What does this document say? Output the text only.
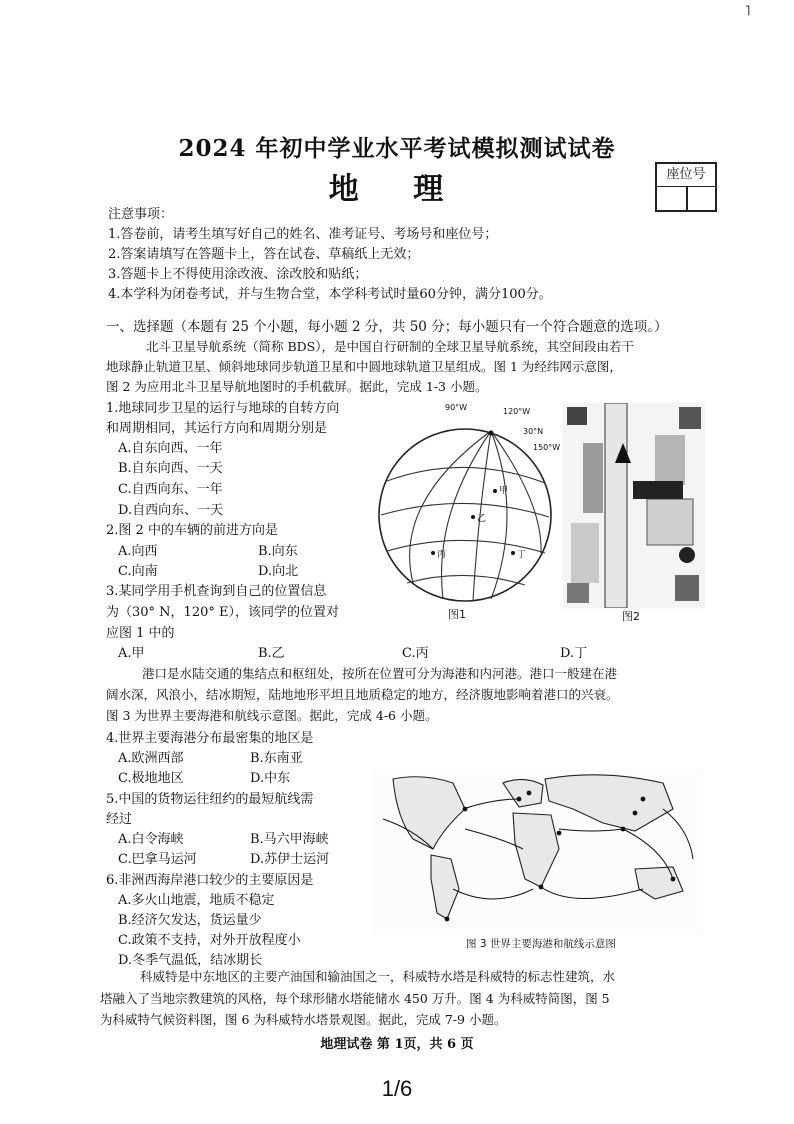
˥
2024 年初中学业水平考试模拟测试试卷
地 理	座位号
注意事项：
1.答卷前，请考生填写好自己的姓名、准考证号、考场号和座位号；
2.答案请填写在答题卡上，答在试卷、草稿纸上无效；
3.答题卡上不得使用涂改液、涂改胶和贴纸；
4.本学科为闭卷考试，并与生物合堂，本学科考试时量60分钟，满分100分。
一、选择题（本题有 25 个小题，每小题 2 分，共 50 分；每小题只有一个符合题意的选项。）
北斗卫星导航系统（简称 BDS），是中国自行研制的全球卫星导航系统，其空间段由若干
地球静止轨道卫星、倾斜地球同步轨道卫星和中圆地球轨道卫星组成。图 1 为经纬网示意图，
图 2 为应用北斗卫星导航地图时的手机截屏。据此，完成 1-3 小题。
1.地球同步卫星的运行与地球的自转方向
和周期相同，其运行方向和周期分别是
A.自东向西、一年
B.自东向西、一天
C.自西向东、一年
D.自西向东、一天
2.图 2 中的车辆的前进方向是
A.向西	B.向东
C.向南	D.向北
3.某同学用手机查询到自己的位置信息
为（30° N，120° E），该同学的位置对
应图 1 中的
A.甲	B.乙	C.丙	D.丁
90°W	120°W
30°N
150°W
甲
乙
丙	丁
图1	图2
港口是水陆交通的集结点和枢纽处，按所在位置可分为海港和内河港。港口一般建在港
阔水深，风浪小，结冰期短，陆地地形平坦且地质稳定的地方，经济腹地影响着港口的兴衰。
图 3 为世界主要海港和航线示意图。据此，完成 4-6 小题。
4.世界主要海港分布最密集的地区是
A.欧洲西部	B.东南亚
C.极地地区	D.中东
5.中国的货物运往纽约的最短航线需
经过
A.白令海峡	B.马六甲海峡
C.巴拿马运河	D.苏伊士运河
6.非洲西海岸港口较少的主要原因是
A.多火山地震，地质不稳定
B.经济欠发达，货运量少
C.政策不支持，对外开放程度小
D.冬季气温低，结冰期长
图 3 世界主要海港和航线示意图
科威特是中东地区的主要产油国和输油国之一，科威特水塔是科威特的标志性建筑，水
塔融入了当地宗教建筑的风格，每个球形储水塔能储水 450 万升。图 4 为科威特简图，图 5
为科威特气候资料图，图 6 为科威特水塔景观图。据此，完成 7-9 小题。
地理试卷 第 1页，共 6 页
1/6
